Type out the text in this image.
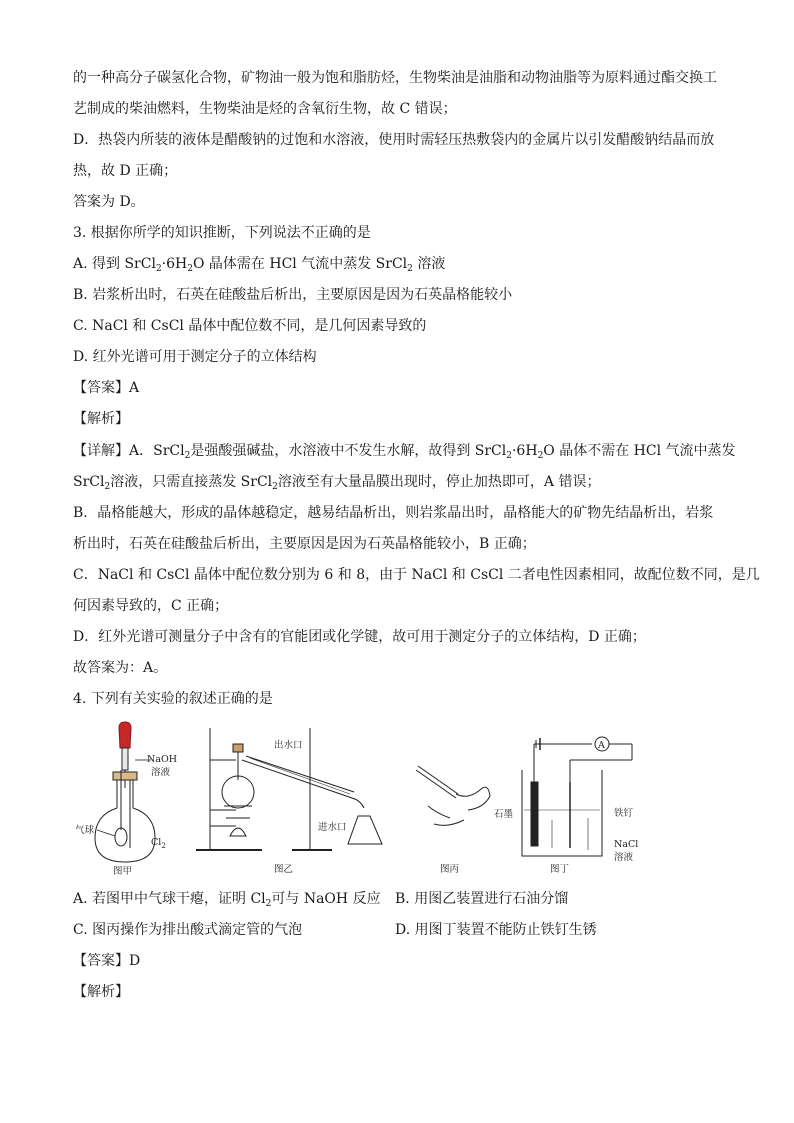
的一种高分子碳氢化合物，矿物油一般为饱和脂肪烃，生物柴油是油脂和动物油脂等为原料通过酯交换工
艺制成的柴油燃料，生物柴油是烃的含氧衍生物，故 C 错误；
D．热袋内所装的液体是醋酸钠的过饱和水溶液，使用时需轻压热敷袋内的金属片以引发醋酸钠结晶而放
热，故 D 正确；
答案为 D。
3. 根据你所学的知识推断，下列说法不正确的是
A. 得到 $SrCl_2\cdot 6H_2O$ 晶体需在 HCl 气流中蒸发 SrCl$_2$ 溶液
B. 岩浆析出时，石英在硅酸盐后析出，主要原因是因为石英晶格能较小
C. NaCl 和 CsCl 晶体中配位数不同，是几何因素导致的
D. 红外光谱可用于测定分子的立体结构
【答案】A
【解析】
【详解】A．SrCl$_2$是强酸强碱盐，水溶液中不发生水解，故得到 $SrCl_2\cdot 6H_2O$ 晶体不需在 HCl 气流中蒸发
SrCl$_2$溶液，只需直接蒸发 SrCl$_2$溶液至有大量晶膜出现时，停止加热即可，A 错误；
B．晶格能越大，形成的晶体越稳定，越易结晶析出，则岩浆晶出时，晶格能大的矿物先结晶析出，岩浆
析出时，石英在硅酸盐后析出，主要原因是因为石英晶格能较小，B 正确；
C．NaCl 和 CsCl 晶体中配位数分别为 6 和 8，由于 NaCl 和 CsCl 二者电性因素相同，故配位数不同，是几
何因素导致的，C 正确；
D．红外光谱可测量分子中含有的官能团或化学键，故可用于测定分子的立体结构，D 正确；
故答案为：A。
4. 下列有关实验的叙述正确的是
NaOH
溶液
气球
$Cl_2$
图甲
出水口
进水口
图乙	图丙
A
石墨	铁钉
NaCl
溶液
图丁
A. 若图甲中气球干瘪，证明 $Cl_2$可与 NaOH 反应 B. 用图乙装置进行石油分馏
C. 图丙操作为排出酸式滴定管的气泡	D. 用图丁装置不能防止铁钉生锈
【答案】D
【解析】
